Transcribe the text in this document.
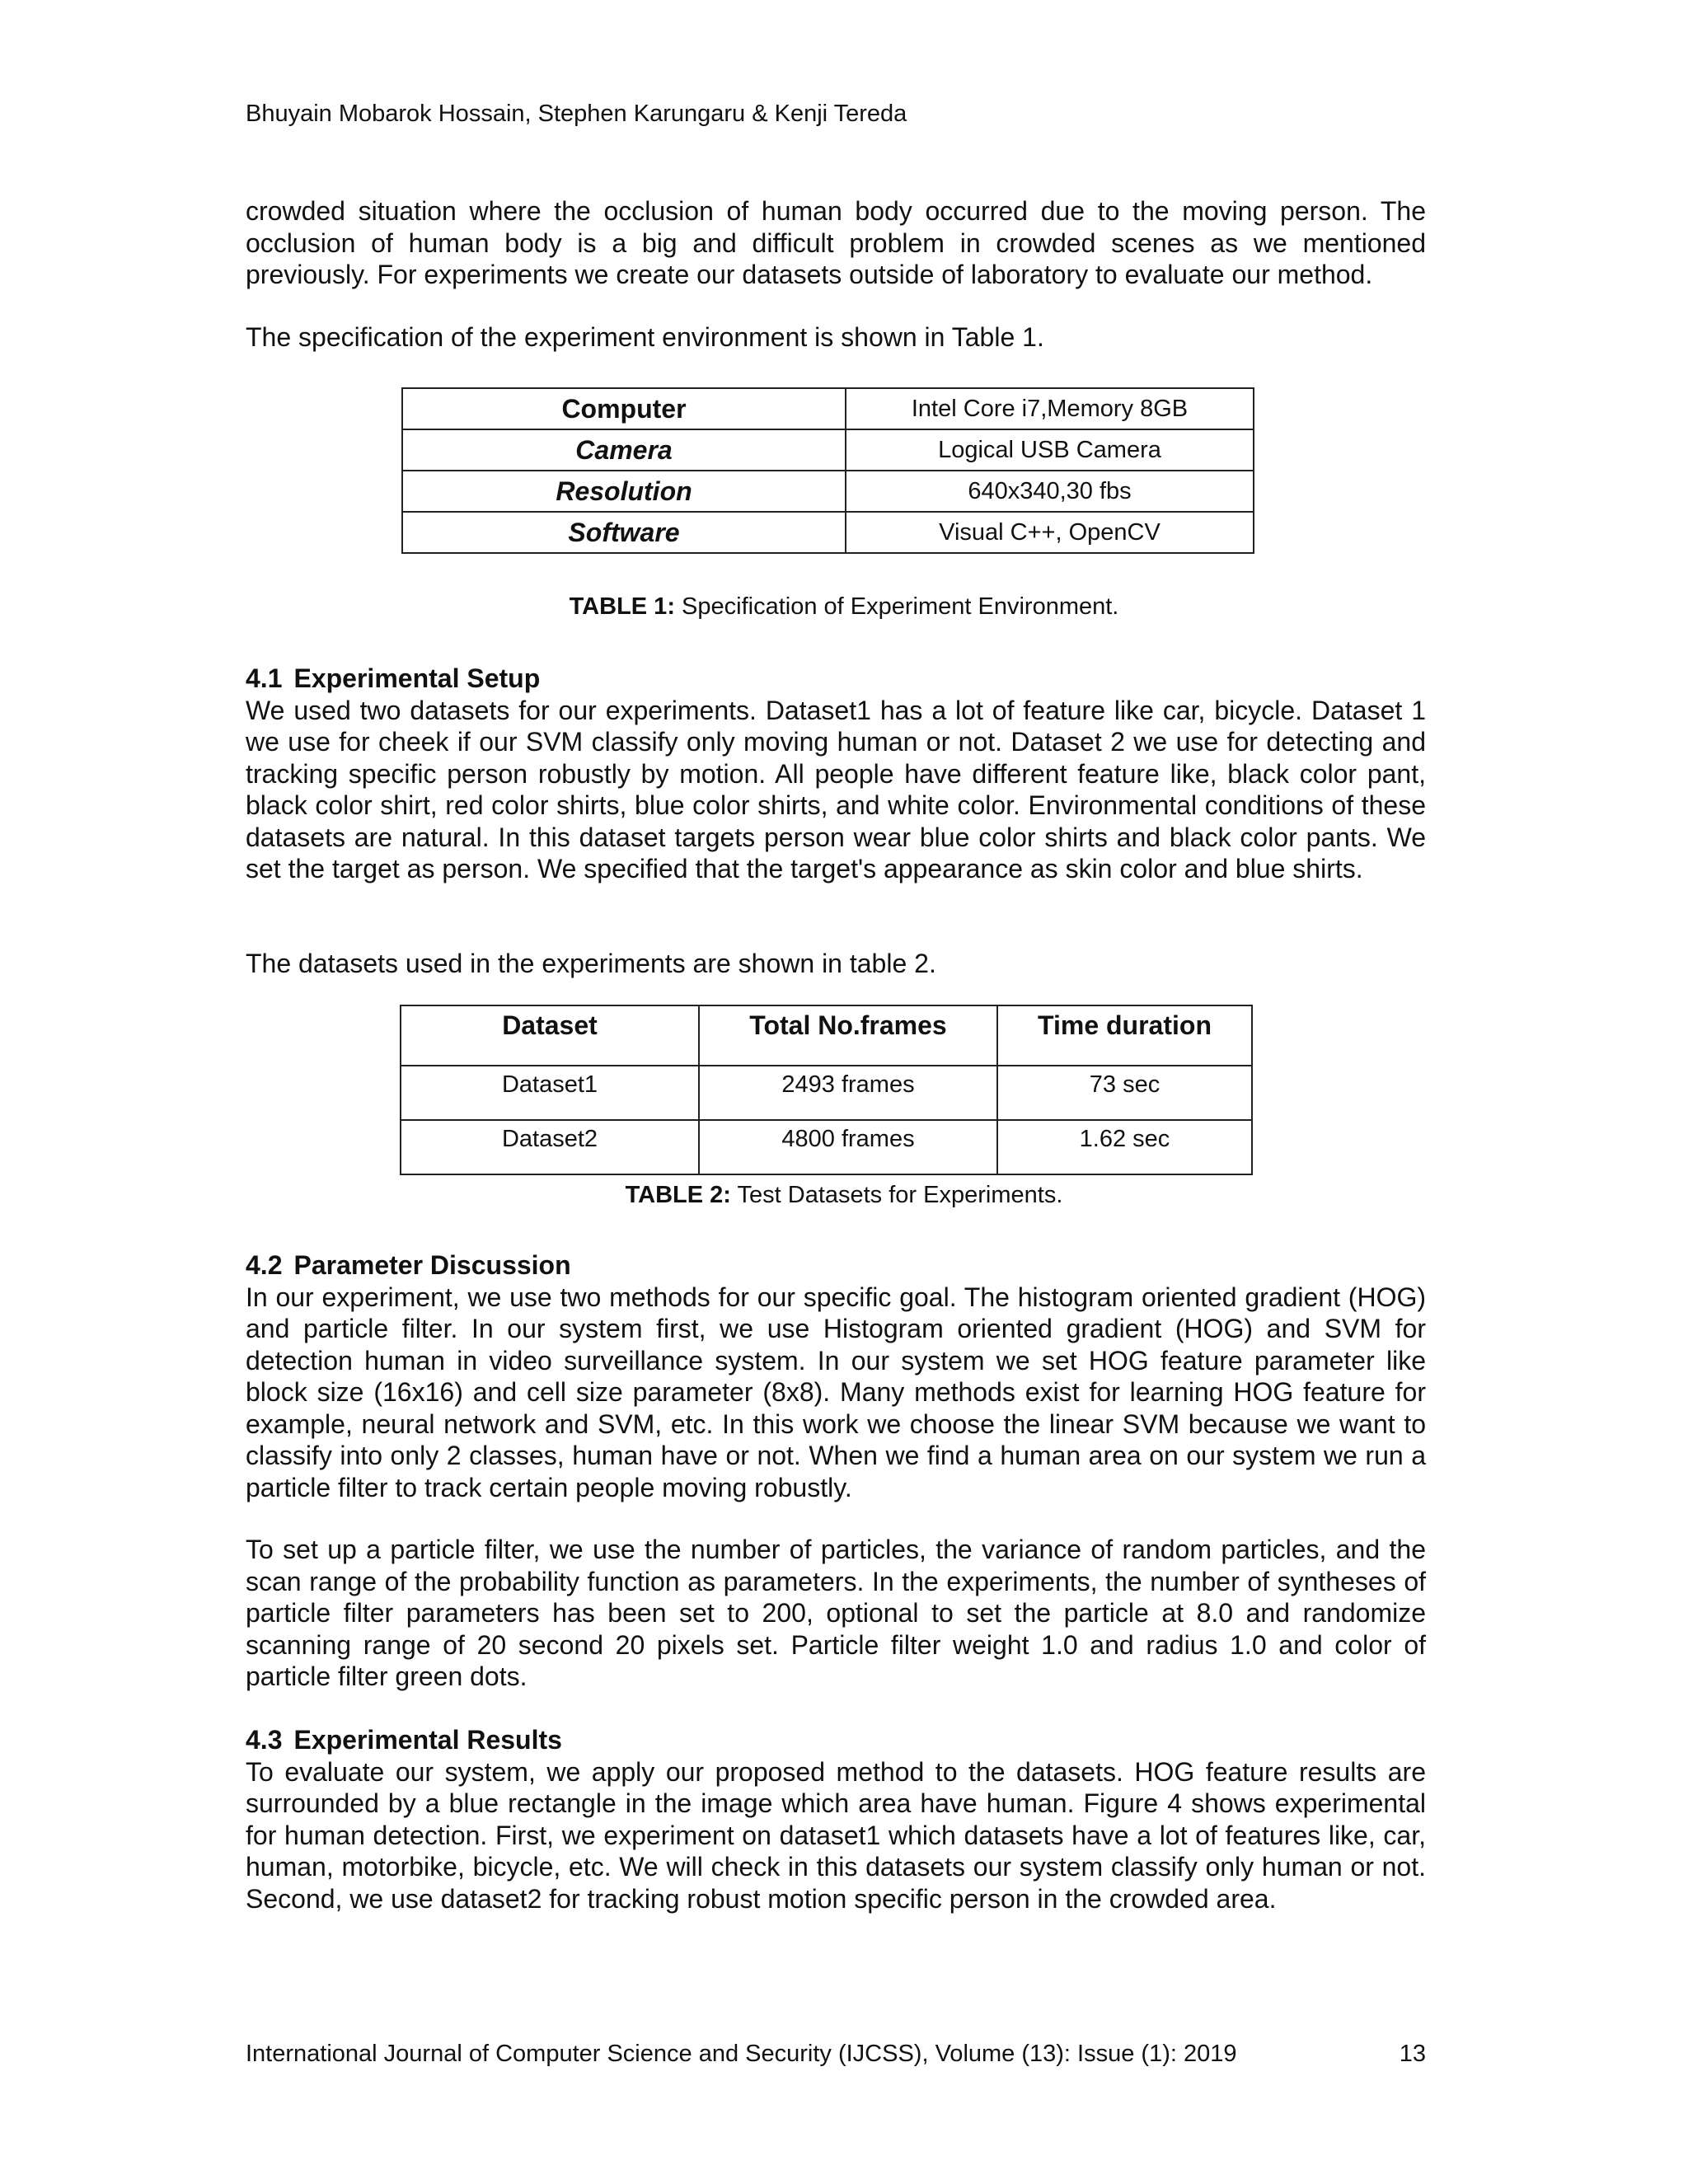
Bhuyain Mobarok Hossain, Stephen Karungaru & Kenji Tereda

crowded situation where the occlusion of human body occurred due to the moving person. The occlusion of human body is a big and difficult problem in crowded scenes as we mentioned previously. For experiments we create our datasets outside of laboratory to evaluate our method.

The specification of the experiment environment is shown in Table 1.

Computer	Intel Core i7,Memory 8GB
Camera	Logical USB Camera
Resolution	640x340,30 fbs
Software	Visual C++, OpenCV
TABLE 1: Specification of Experiment Environment.

4.1 Experimental Setup

We used two datasets for our experiments. Dataset1 has a lot of feature like car, bicycle. Dataset 1 we use for cheek if our SVM classify only moving human or not. Dataset 2 we use for detecting and tracking specific person robustly by motion. All people have different feature like, black color pant, black color shirt, red color shirts, blue color shirts, and white color. Environmental conditions of these datasets are natural. In this dataset targets person wear blue color shirts and black color pants. We set the target as person. We specified that the target's appearance as skin color and blue shirts.

The datasets used in the experiments are shown in table 2.

Dataset	Total No.frames	Time duration
Dataset1	2493 frames	73 sec
Dataset2	4800 frames	1.62 sec
TABLE 2: Test Datasets for Experiments.

4.2 Parameter Discussion

In our experiment, we use two methods for our specific goal. The histogram oriented gradient (HOG) and particle filter. In our system first, we use Histogram oriented gradient (HOG) and SVM for detection human in video surveillance system. In our system we set HOG feature parameter like block size (16x16) and cell size parameter (8x8). Many methods exist for learning HOG feature for example, neural network and SVM, etc. In this work we choose the linear SVM because we want to classify into only 2 classes, human have or not. When we find a human area on our system we run a particle filter to track certain people moving robustly.

To set up a particle filter, we use the number of particles, the variance of random particles, and the scan range of the probability function as parameters. In the experiments, the number of syntheses of particle filter parameters has been set to 200, optional to set the particle at 8.0 and randomize scanning range of 20 second 20 pixels set. Particle filter weight 1.0 and radius 1.0 and color of particle filter green dots.

4.3 Experimental Results

To evaluate our system, we apply our proposed method to the datasets. HOG feature results are surrounded by a blue rectangle in the image which area have human. Figure 4 shows experimental for human detection. First, we experiment on dataset1 which datasets have a lot of features like, car, human, motorbike, bicycle, etc. We will check in this datasets our system classify only human or not. Second, we use dataset2 for tracking robust motion specific person in the crowded area.

International Journal of Computer Science and Security (IJCSS), Volume (13): Issue (1): 2019	13
